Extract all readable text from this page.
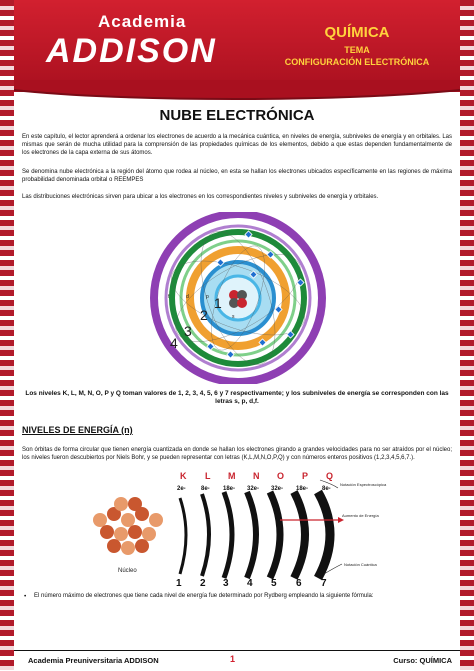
Academia
ADDISON	QUÍMICA
TEMA
CONFIGURACIÓN ELECTRÓNICA
NUBE ELECTRÓNICA
En este capítulo, el lector aprenderá a ordenar los electrones de acuerdo a la mecánica cuántica, en niveles de energía, subniveles de energía y en orbitales. Las mismas que serán de mucha utilidad para la comprensión de las propiedades químicas de los elementos, debido a que estas dependen fundamentalmente de los electrones de la capa externa de sus átomos.
Se denomina nube electrónica a la región del átomo que rodea al núcleo, en esta se hallan los electrones ubicados específicamente en las regiones de máxima probabilidad denominada orbital o REEMPES
Las distribuciones electrónicas sirven para ubicar a los electrones en los correspondientes niveles y subniveles de energía y orbitales.
1
2
3
4
s
p
d
f
Los niveles K, L, M, N, O, P y Q toman valores de 1, 2, 3, 4, 5, 6 y 7 respectivamente; y los subniveles de energía se corresponden con las letras s, p, d,f.
NIVELES DE ENERGÍA (n)
Son órbitas de forma circular que tienen energía cuantizada en donde se hallan los electrones girando a grandes velocidades para no ser atraídos por el núcleo; los niveles fueron descubiertos por Niels Bohr, y se pueden representar con letras (K,L,M,N,O,P,Q) y con números enteros positivos (1,2,3,4,5,6,7.).
Núcleo
K L M N O P Q
2e-	8e- 18e- 32e- 32e- 18e- 8e-
1 2 3 4 5 6 7
Notación Espectroscópica
Aumento de Energía
Notación Cuántica
• El número máximo de electrones que tiene cada nivel de energía fue determinado por Rydberg empleando la siguiente fórmula:
Academia Preuniversitaria ADDISON	1	Curso: QUÍMICA
